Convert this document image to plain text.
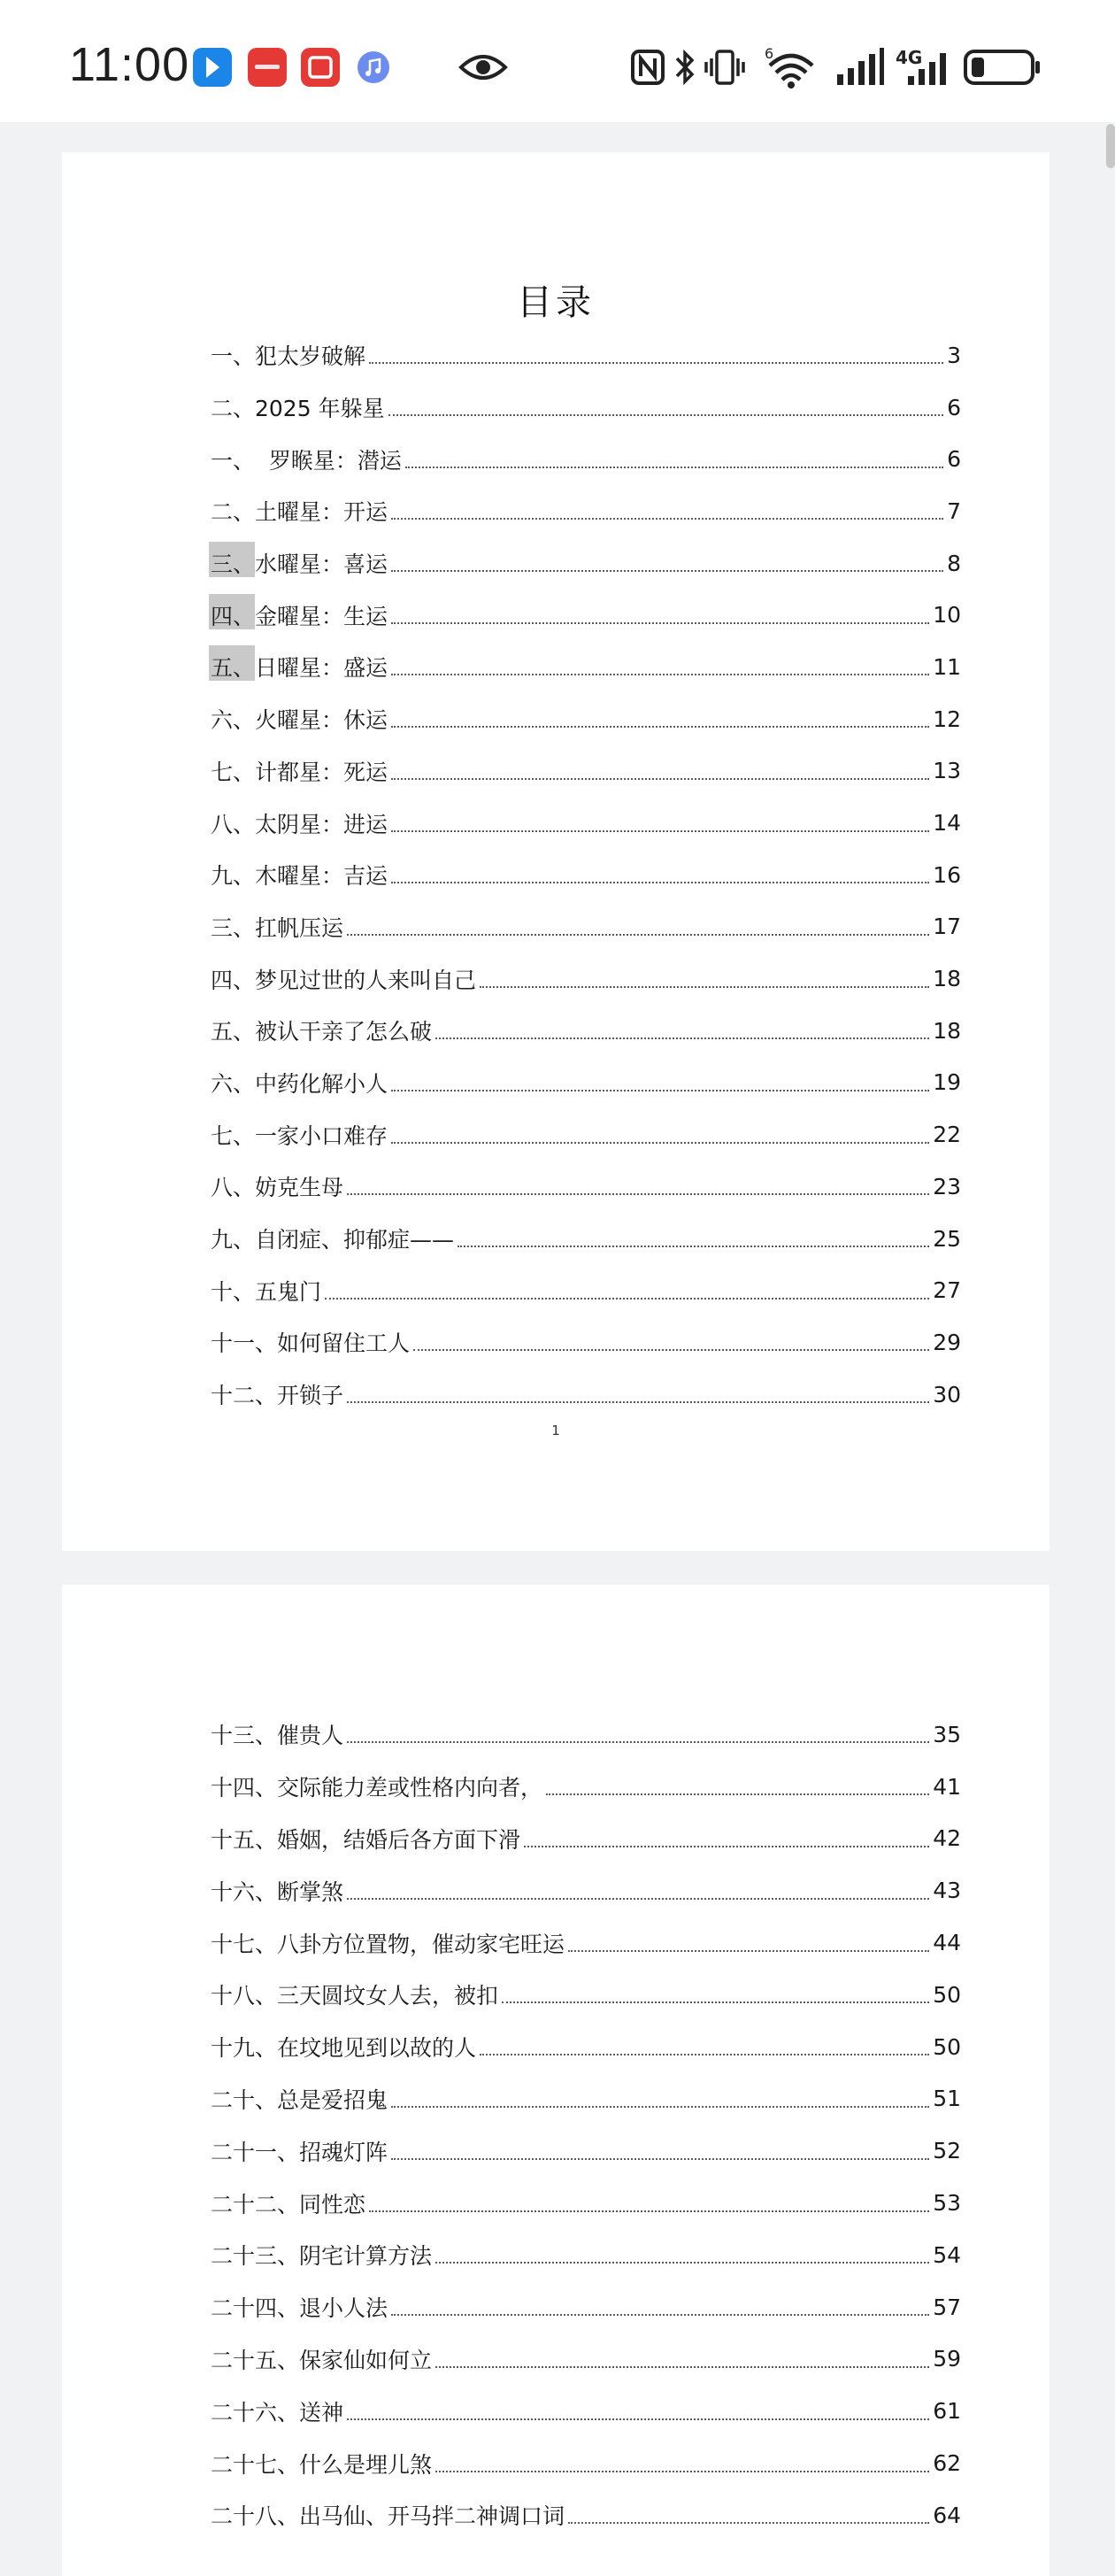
11:00	6	4G
目录
一、犯太岁破解	3
二、2025 年躲星	6
一、  罗睺星：潜运	6
二、土曜星：开运	7
三、水曜星：喜运	8
四、金曜星：生运	10
五、日曜星：盛运	11
六、火曜星：休运	12
七、计都星：死运	13
八、太阴星：进运	14
九、木曜星：吉运	16
三、扛帆压运	17
四、梦见过世的人来叫自己	18
五、被认干亲了怎么破	18
六、中药化解小人	19
七、一家小口难存	22
八、妨克生母	23
九、自闭症、抑郁症——	25
十、五鬼门	27
十一、如何留住工人	29
十二、开锁子	30
1
十三、催贵人	35
十四、交际能力差或性格内向者，	41
十五、婚姻，结婚后各方面下滑	42
十六、断掌煞	43
十七、八卦方位置物，催动家宅旺运	44
十八、三天圆坟女人去，被扣	50
十九、在坟地见到以故的人	50
二十、总是爱招鬼	51
二十一、招魂灯阵	52
二十二、同性恋	53
二十三、阴宅计算方法	54
二十四、退小人法	57
二十五、保家仙如何立	59
二十六、送神	61
二十七、什么是埋儿煞	62
二十八、出马仙、开马拌二神调口词	64
